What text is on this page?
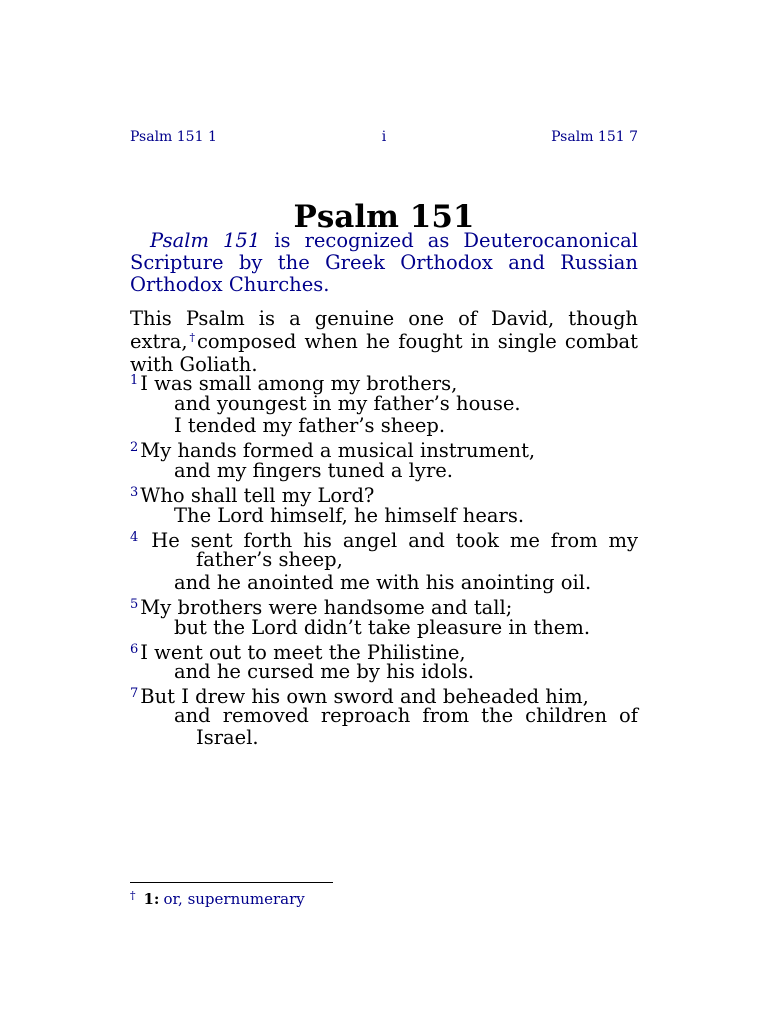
Psalm 151 1	i	Psalm 151 7
Psalm 151
Psalm 151 is recognized as Deuterocanonical Scripture by the Greek Orthodox and Russian Orthodox Churches.
This Psalm is a genuine one of David, though extra,†composed when he fought in single combat with Goliath.
$^1$ I was small among my brothers,
and youngest in my father’s house.
I tended my father’s sheep.
$^2$ My hands formed a musical instrument,
and my fingers tuned a lyre.
$^3$ Who shall tell my Lord?
The Lord himself, he himself hears.
$^4$ He sent forth his angel and took me from my
father’s sheep,
and he anointed me with his anointing oil.
$^5$ My brothers were handsome and tall;
but the Lord didn’t take pleasure in them.
$^6$ I went out to meet the Philistine,
and he cursed me by his idols.
$^7$ But I drew his own sword and beheaded him,
and removed reproach from the children of
Israel.
† 1: or, supernumerary
